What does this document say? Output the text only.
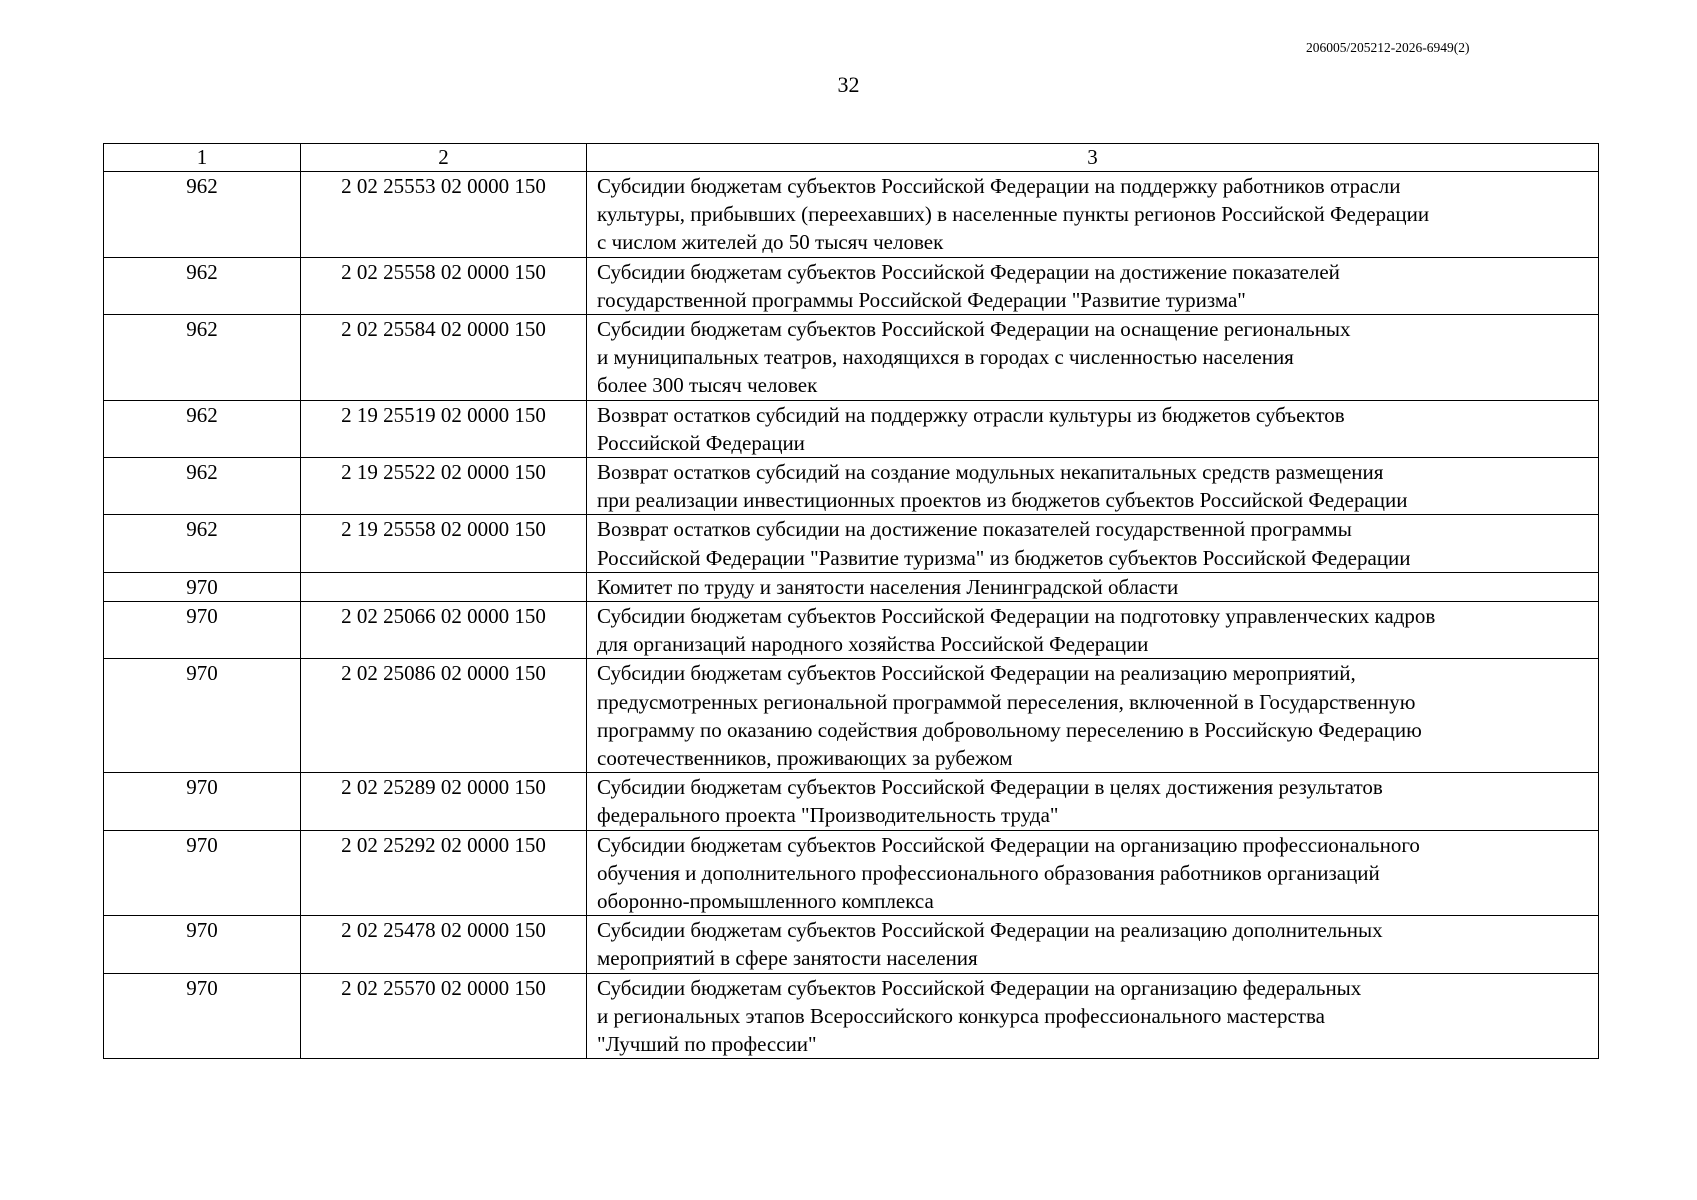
206005/205212-2026-6949(2)
32
1	2	3
962	2 02 25553 02 0000 150	Субсидии бюджетам субъектов Российской Федерации на поддержку работников отрасли
культуры, прибывших (переехавших) в населенные пункты регионов Российской Федерации
с числом жителей до 50 тысяч человек

962	2 02 25558 02 0000 150	Субсидии бюджетам субъектов Российской Федерации на достижение показателей
государственной программы Российской Федерации "Развитие туризма"

962	2 02 25584 02 0000 150	Субсидии бюджетам субъектов Российской Федерации на оснащение региональных
и муниципальных театров, находящихся в городах с численностью населения
более 300 тысяч человек

962	2 19 25519 02 0000 150	Возврат остатков субсидий на поддержку отрасли культуры из бюджетов субъектов
Российской Федерации

962	2 19 25522 02 0000 150	Возврат остатков субсидий на создание модульных некапитальных средств размещения
при реализации инвестиционных проектов из бюджетов субъектов Российской Федерации

962	2 19 25558 02 0000 150	Возврат остатков субсидии на достижение показателей государственной программы
Российской Федерации "Развитие туризма" из бюджетов субъектов Российской Федерации

970		Комитет по труду и занятости населения Ленинградской области

970	2 02 25066 02 0000 150	Субсидии бюджетам субъектов Российской Федерации на подготовку управленческих кадров
для организаций народного хозяйства Российской Федерации

970	2 02 25086 02 0000 150	Субсидии бюджетам субъектов Российской Федерации на реализацию мероприятий,
предусмотренных региональной программой переселения, включенной в Государственную
программу по оказанию содействия добровольному переселению в Российскую Федерацию
соотечественников, проживающих за рубежом

970	2 02 25289 02 0000 150	Субсидии бюджетам субъектов Российской Федерации в целях достижения результатов
федерального проекта "Производительность труда"

970	2 02 25292 02 0000 150	Субсидии бюджетам субъектов Российской Федерации на организацию профессионального
обучения и дополнительного профессионального образования работников организаций
оборонно-промышленного комплекса

970	2 02 25478 02 0000 150	Субсидии бюджетам субъектов Российской Федерации на реализацию дополнительных
мероприятий в сфере занятости населения

970	2 02 25570 02 0000 150	Субсидии бюджетам субъектов Российской Федерации на организацию федеральных
и региональных этапов Всероссийского конкурса профессионального мастерства
"Лучший по профессии"
